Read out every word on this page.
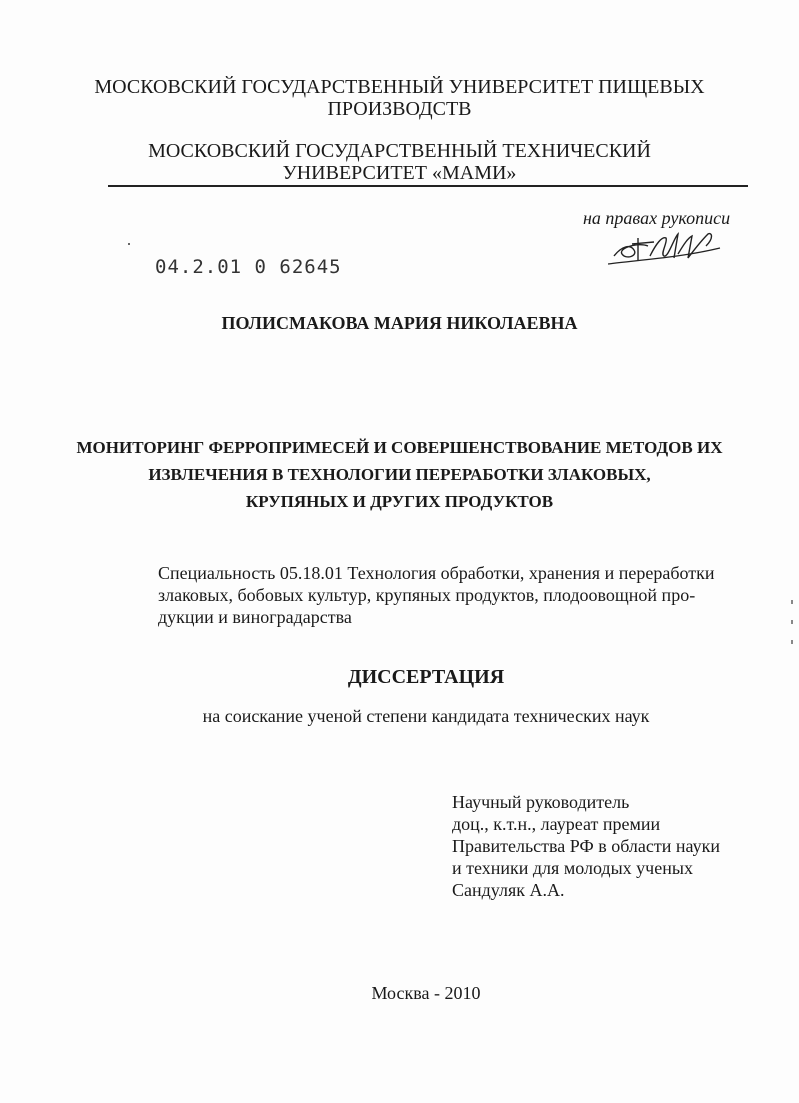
МОСКОВСКИЙ ГОСУДАРСТВЕННЫЙ УНИВЕРСИТЕТ ПИЩЕВЫХ
ПРОИЗВОДСТВ
МОСКОВСКИЙ ГОСУДАРСТВЕННЫЙ ТЕХНИЧЕСКИЙ
УНИВЕРСИТЕТ «МАМИ»
на правах рукописи
04.2.01 0 62645
ПОЛИСМАКОВА МАРИЯ НИКОЛАЕВНА
МОНИТОРИНГ ФЕРРОПРИМЕСЕЙ И СОВЕРШЕНСТВОВАНИЕ МЕТОДОВ ИХ
ИЗВЛЕЧЕНИЯ В ТЕХНОЛОГИИ ПЕРЕРАБОТКИ ЗЛАКОВЫХ,
КРУПЯНЫХ И ДРУГИХ ПРОДУКТОВ
Специальность 05.18.01 Технология обработки, хранения и переработки
злаковых, бобовых культур, крупяных продуктов, плодоовощной про-
дукции и виноградарства
ДИССЕРТАЦИЯ
на соискание ученой степени кандидата технических наук
Научный руководитель
доц., к.т.н., лауреат премии
Правительства РФ в области науки
и техники для молодых ученых
Сандуляк А.А.
Москва - 2010
